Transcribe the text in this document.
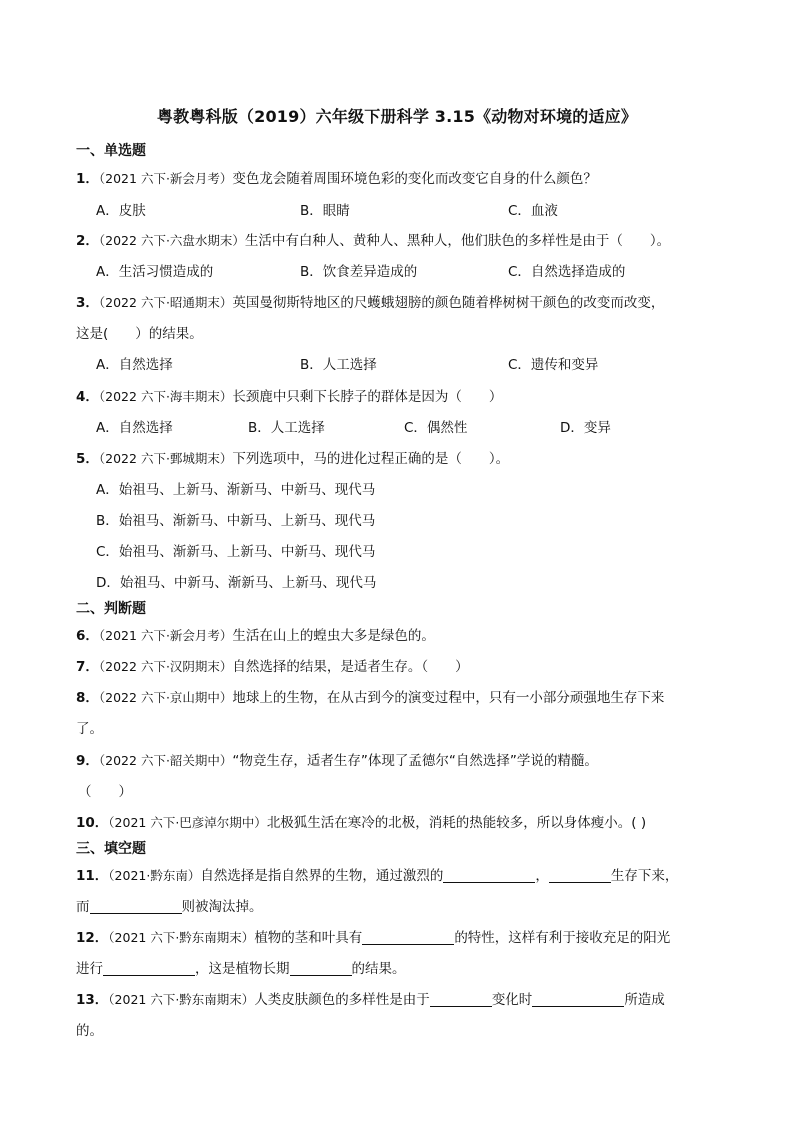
粤教粤科版（2019）六年级下册科学 3.15《动物对环境的适应》
一、单选题
1．（2021 六下·新会月考）变色龙会随着周围环境色彩的变化而改变它自身的什么颜色？
A．皮肤	B．眼睛	C．血液
2．（2022 六下·六盘水期末）生活中有白种人、黄种人、黑种人，他们肤色的多样性是由于（　　）。
A．生活习惯造成的	B．饮食差异造成的	C．自然选择造成的
3．（2022 六下·昭通期末）英国曼彻斯特地区的尺蠖蛾翅膀的颜色随着桦树树干颜色的改变而改变，
这是(　　）的结果。
A．自然选择	B．人工选择	C．遗传和变异
4．（2022 六下·海丰期末）长颈鹿中只剩下长脖子的群体是因为（　　）
A．自然选择	B．人工选择	C．偶然性	D．变异
5．（2022 六下·鄄城期末）下列选项中，马的进化过程正确的是（　　）。
A．始祖马、上新马、渐新马、中新马、现代马
B．始祖马、渐新马、中新马、上新马、现代马
C．始祖马、渐新马、上新马、中新马、现代马
D．始祖马、中新马、渐新马、上新马、现代马
二、判断题
6．（2021 六下·新会月考）生活在山上的蝗虫大多是绿色的。
7．（2022 六下·汉阴期末）自然选择的结果，是适者生存。（　　）
8．（2022 六下·京山期中）地球上的生物，在从古到今的演变过程中，只有一小部分顽强地生存下来
了。
9．（2022 六下·韶关期中）“物竞生存，适者生存”体现了孟德尔“自然选择”学说的精髓。
（　　）
10．（2021 六下·巴彦淖尔期中）北极狐生活在寒冷的北极，消耗的热能较多，所以身体瘦小。( )
三、填空题
11．（2021·黔东南）自然选择是指自然界的生物，通过激烈的	，	生存下来，
而	则被淘汰掉。
12．（2021 六下·黔东南期末）植物的茎和叶具有	的特性，这样有利于接收充足的阳光
进行	，这是植物长期	的结果。
13．（2021 六下·黔东南期末）人类皮肤颜色的多样性是由于	变化时	所造成
的。
